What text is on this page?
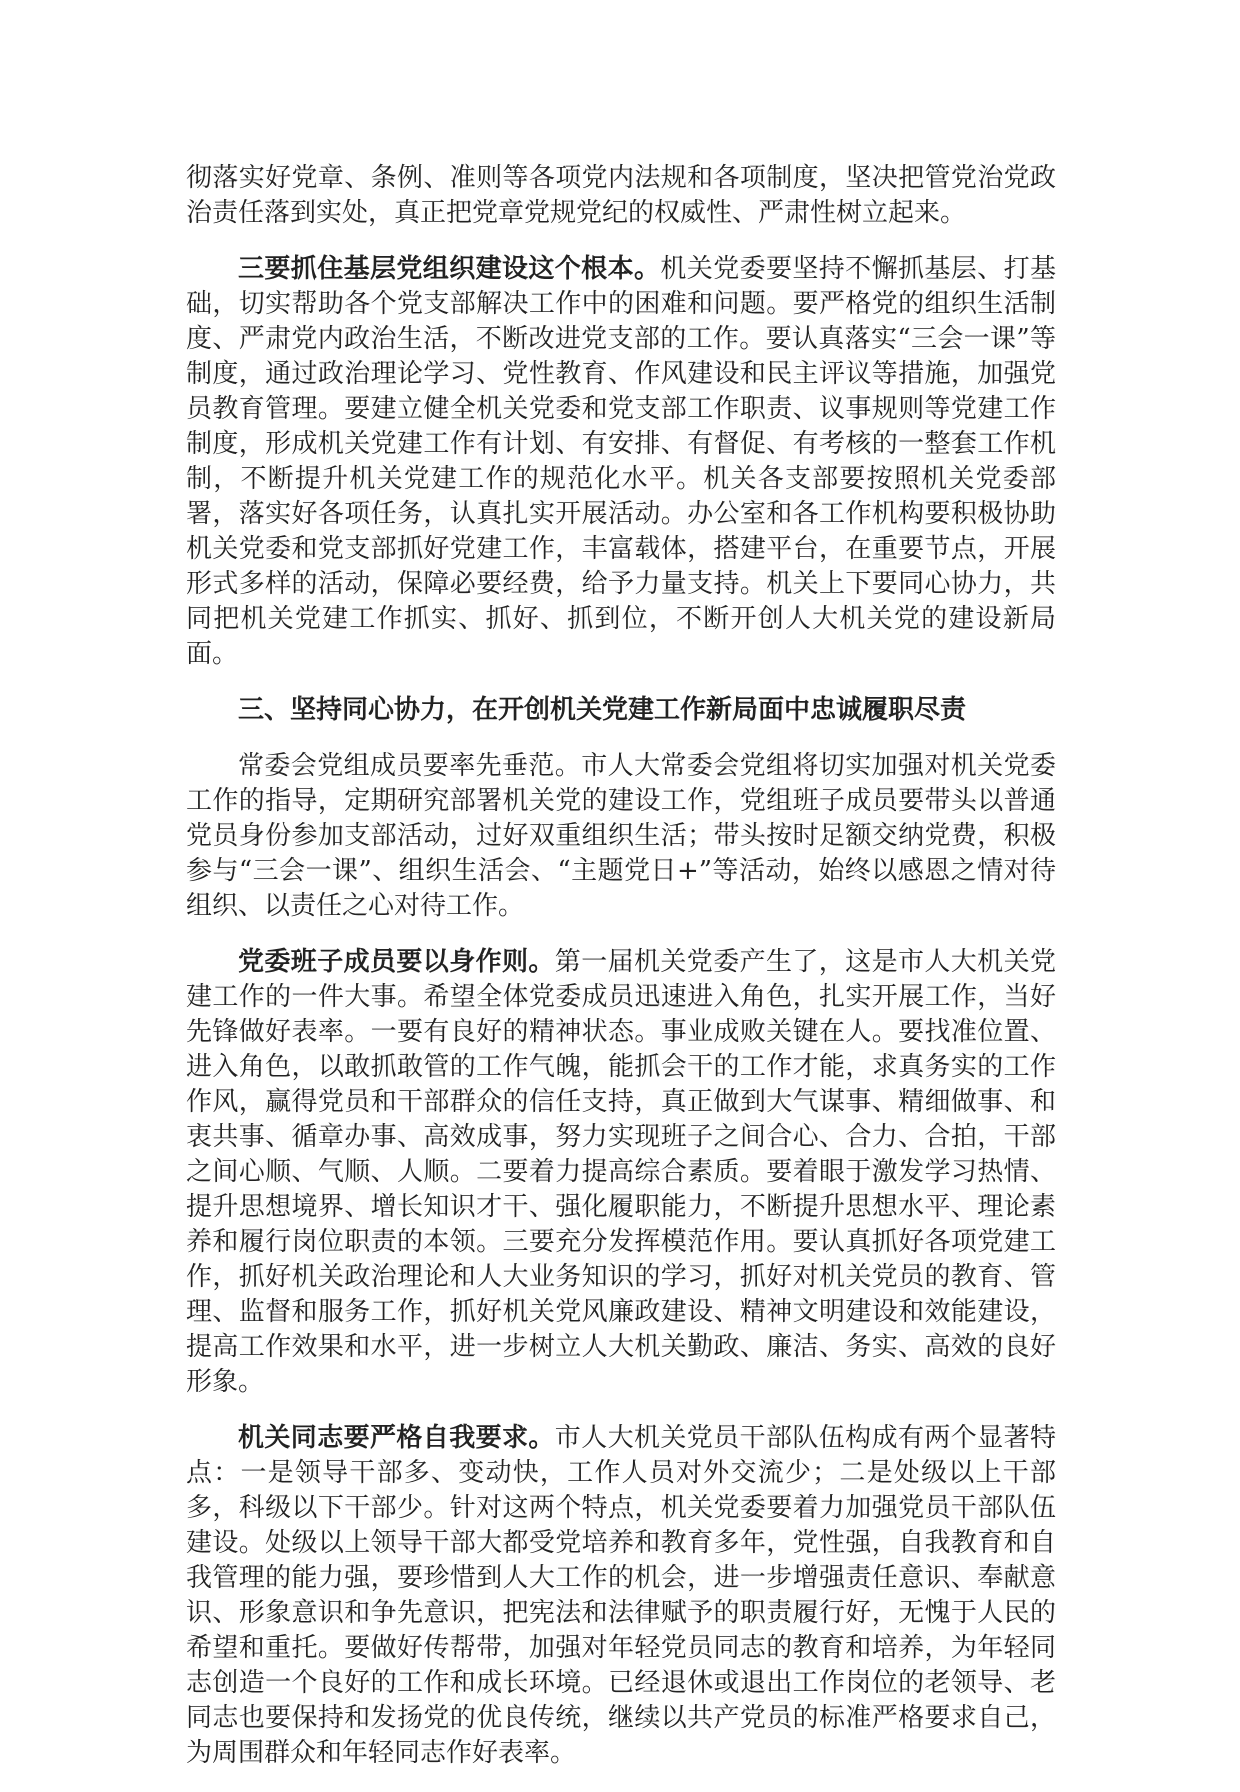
彻落实好党章、条例、准则等各项党内法规和各项制度，坚决把管党治党政治责任落到实处，真正把党章党规党纪的权威性、严肃性树立起来。

三要抓住基层党组织建设这个根本。机关党委要坚持不懈抓基层、打基础，切实帮助各个党支部解决工作中的困难和问题。要严格党的组织生活制度、严肃党内政治生活，不断改进党支部的工作。要认真落实“三会一课”等制度，通过政治理论学习、党性教育、作风建设和民主评议等措施，加强党员教育管理。要建立健全机关党委和党支部工作职责、议事规则等党建工作制度，形成机关党建工作有计划、有安排、有督促、有考核的一整套工作机制，不断提升机关党建工作的规范化水平。机关各支部要按照机关党委部署，落实好各项任务，认真扎实开展活动。办公室和各工作机构要积极协助机关党委和党支部抓好党建工作，丰富载体，搭建平台，在重要节点，开展形式多样的活动，保障必要经费，给予力量支持。机关上下要同心协力，共同把机关党建工作抓实、抓好、抓到位，不断开创人大机关党的建设新局面。

三、坚持同心协力，在开创机关党建工作新局面中忠诚履职尽责

常委会党组成员要率先垂范。市人大常委会党组将切实加强对机关党委工作的指导，定期研究部署机关党的建设工作，党组班子成员要带头以普通党员身份参加支部活动，过好双重组织生活；带头按时足额交纳党费，积极参与“三会一课”、组织生活会、“主题党日+”等活动，始终以感恩之情对待组织、以责任之心对待工作。

党委班子成员要以身作则。第一届机关党委产生了，这是市人大机关党建工作的一件大事。希望全体党委成员迅速进入角色，扎实开展工作，当好先锋做好表率。一要有良好的精神状态。事业成败关键在人。要找准位置、进入角色，以敢抓敢管的工作气魄，能抓会干的工作才能，求真务实的工作作风，赢得党员和干部群众的信任支持，真正做到大气谋事、精细做事、和衷共事、循章办事、高效成事，努力实现班子之间合心、合力、合拍，干部之间心顺、气顺、人顺。二要着力提高综合素质。要着眼于激发学习热情、提升思想境界、增长知识才干、强化履职能力，不断提升思想水平、理论素养和履行岗位职责的本领。三要充分发挥模范作用。要认真抓好各项党建工作，抓好机关政治理论和人大业务知识的学习，抓好对机关党员的教育、管理、监督和服务工作，抓好机关党风廉政建设、精神文明建设和效能建设，提高工作效果和水平，进一步树立人大机关勤政、廉洁、务实、高效的良好形象。

机关同志要严格自我要求。市人大机关党员干部队伍构成有两个显著特点：一是领导干部多、变动快，工作人员对外交流少；二是处级以上干部多，科级以下干部少。针对这两个特点，机关党委要着力加强党员干部队伍建设。处级以上领导干部大都受党培养和教育多年，党性强，自我教育和自我管理的能力强，要珍惜到人大工作的机会，进一步增强责任意识、奉献意识、形象意识和争先意识，把宪法和法律赋予的职责履行好，无愧于人民的希望和重托。要做好传帮带，加强对年轻党员同志的教育和培养，为年轻同志创造一个良好的工作和成长环境。已经退休或退出工作岗位的老领导、老同志也要保持和发扬党的优良传统，继续以共产党员的标准严格要求自己，为周围群众和年轻同志作好表率。
